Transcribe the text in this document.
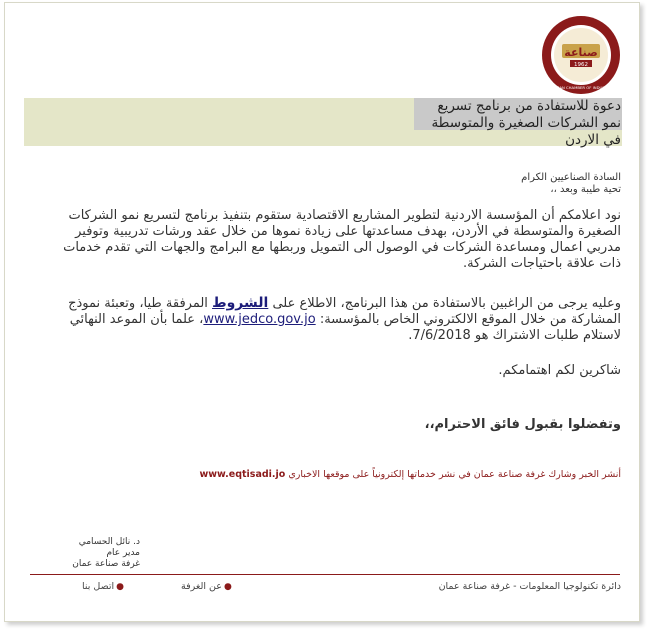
صناعة
1962
AMMAN CHAMBER OF INDUSTRY
دعوة للاستفادة من برنامج تسريع
نمو الشركات الصغيرة والمتوسطة
في الاردن
السادة الصناعيين الكرام
تحية طيبة وبعد ،،
نود اعلامكم أن المؤسسة الاردنية لتطوير المشاريع الاقتصادية ستقوم بتنفيذ برنامج لتسريع نمو الشركات الصغيرة والمتوسطة في الأردن، بهدف مساعدتها على زيادة نموها من خلال عقد ورشات تدريبية وتوفير مدربي اعمال ومساعدة الشركات في الوصول الى التمويل وربطها مع البرامج والجهات التي تقدم خدمات ذات علاقة باحتياجات الشركة.
وعليه يرجى من الراغبين بالاستفادة من هذا البرنامج، الاطلاع على الشروط المرفقة طيا، وتعبئة نموذج المشاركة من خلال الموقع الالكتروني الخاص بالمؤسسة: www.jedco.gov.jo، علما بأن الموعد النهائي لاستلام طلبات الاشتراك هو 7/6/2018.
شاكرين لكم اهتمامكم.
وتفضلوا بقبول فائق الاحترام،،
أنشر الخبر وشارك غرفة صناعة عمان في نشر خدماتها إلكترونياً على موقعها الاخباري www.eqtisadi.jo
د. نائل الحسامي
مدير عام
غرفة صناعة عمان
دائرة تكنولوجيا المعلومات - غرفة صناعة عمان
●عن الغرفة ●اتصل بنا
